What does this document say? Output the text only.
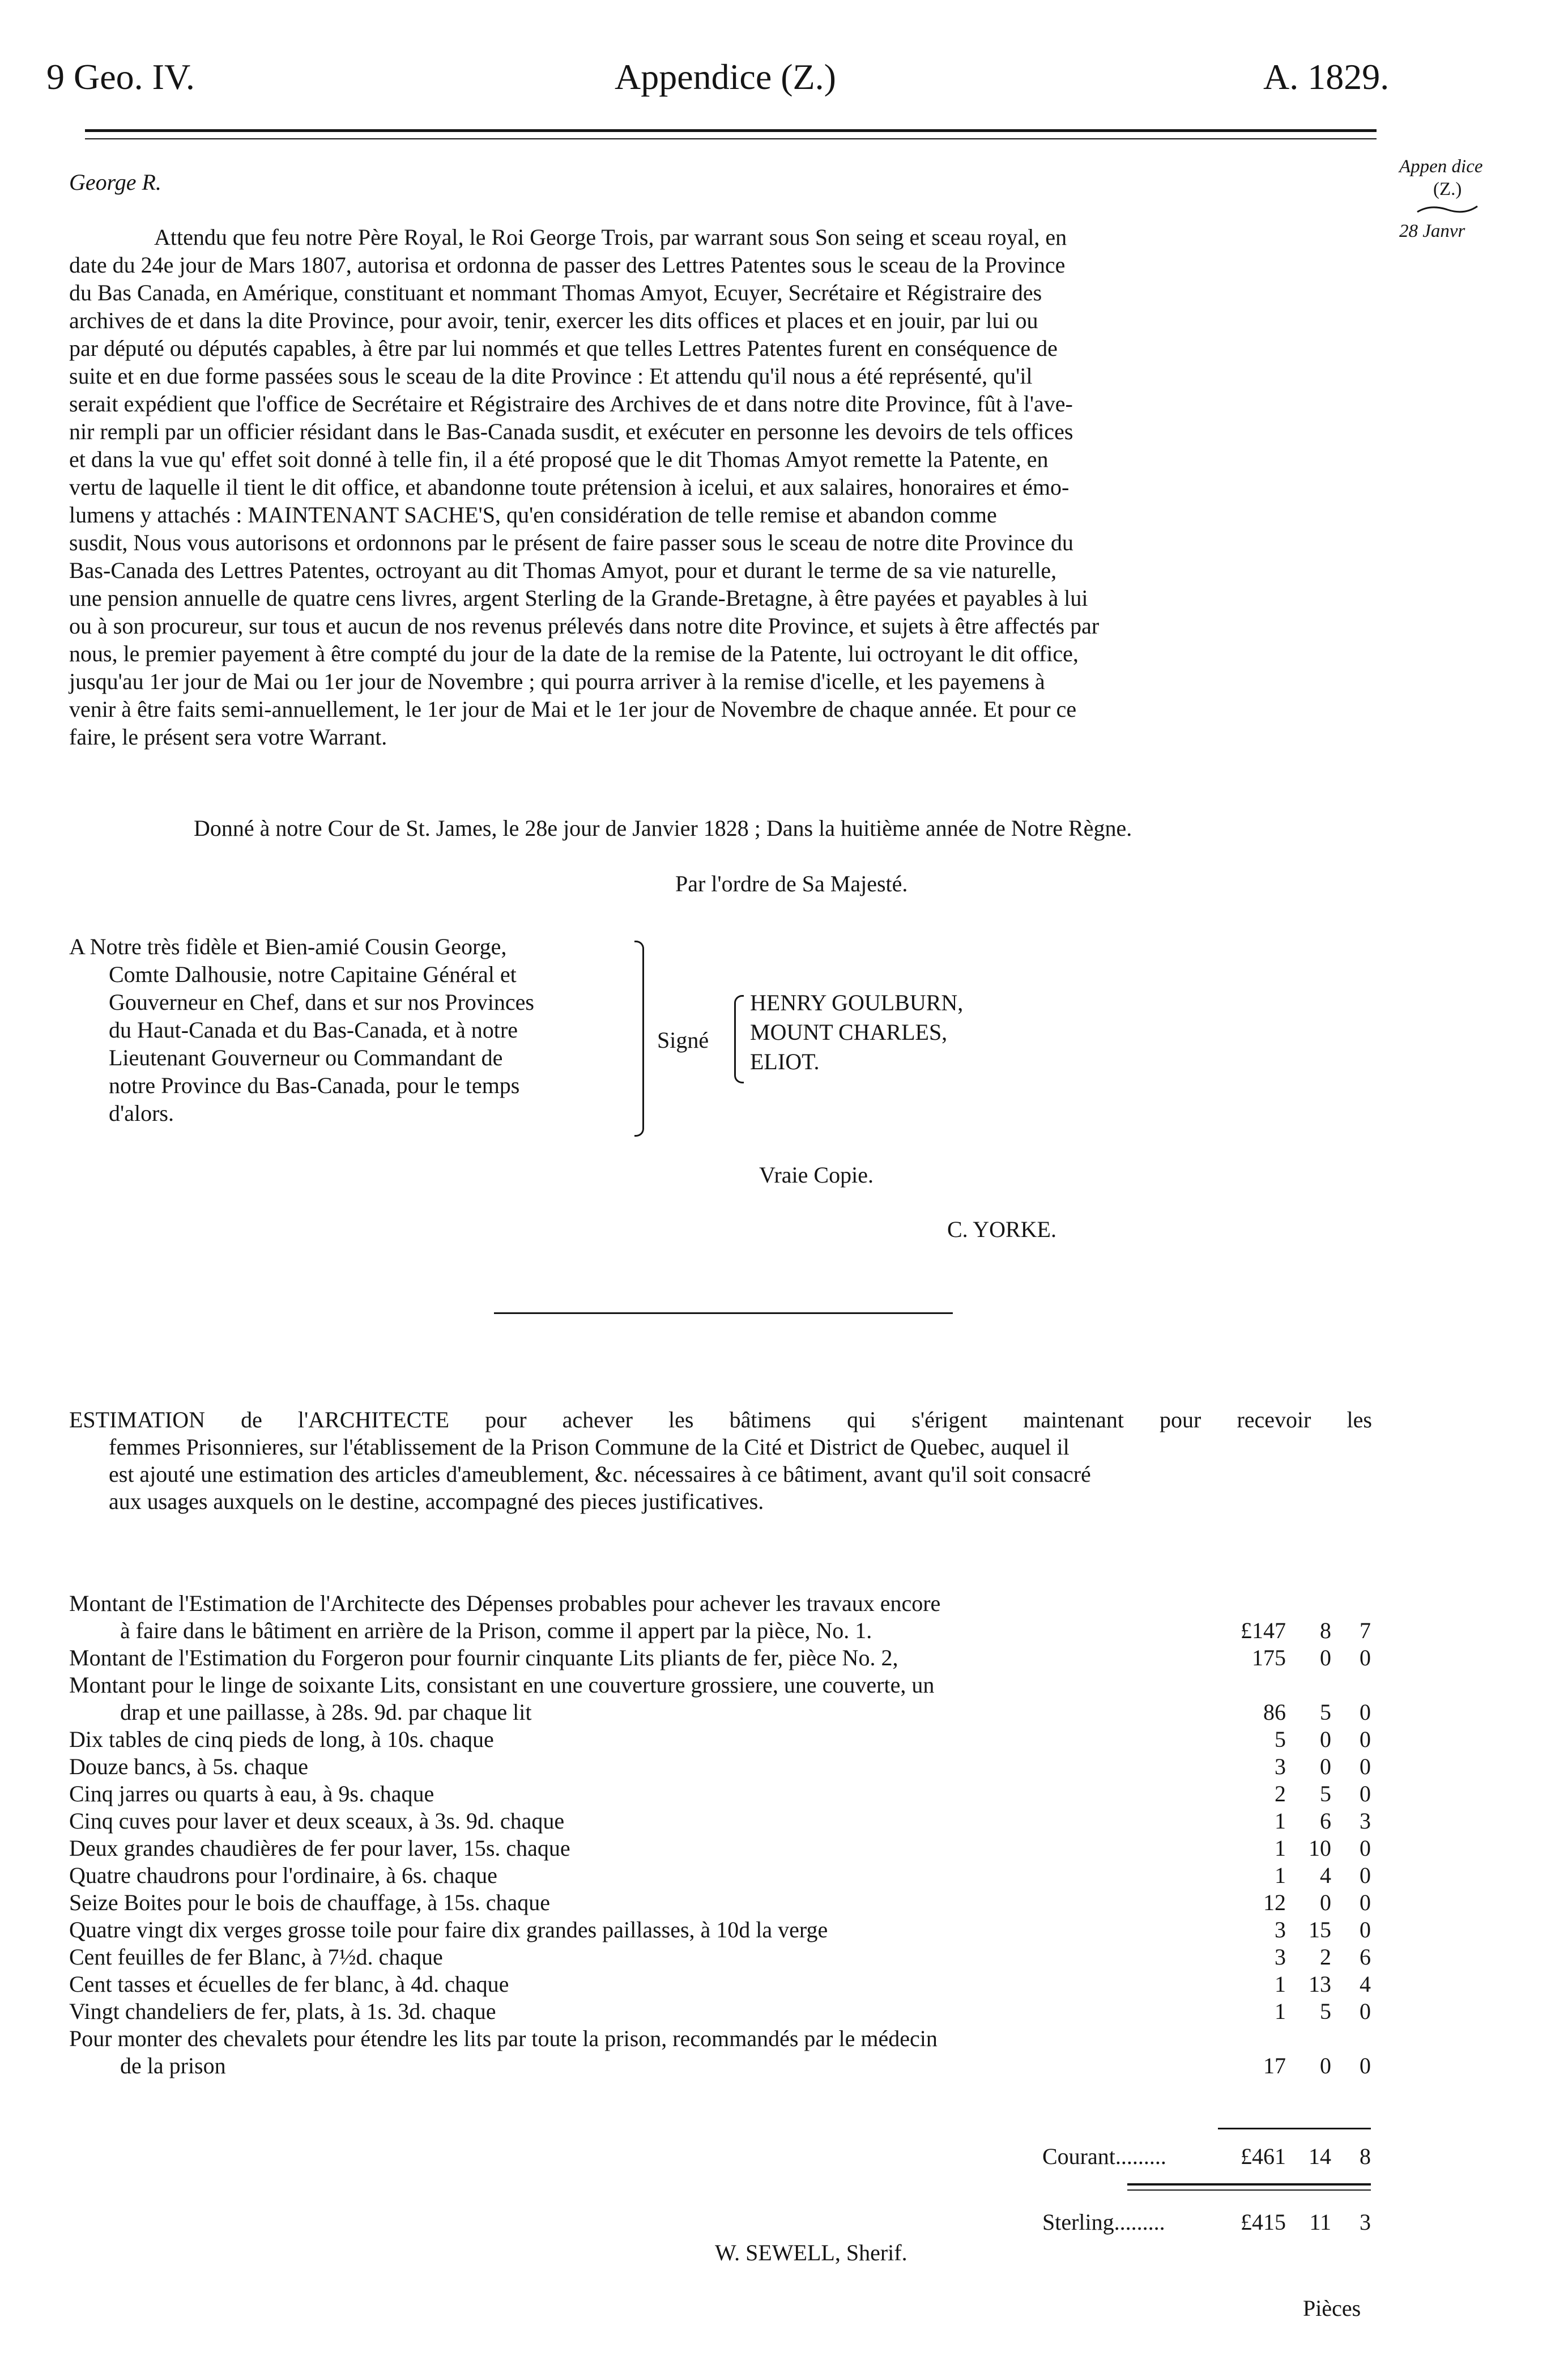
9 Geo. IV.	Appendice (Z.)	A. 1829.
Appen dice
(Z.)
28 Janvr
George R.
Attendu que feu notre Père Royal, le Roi George Trois, par warrant sous Son seing et sceau royal, en
date du 24e jour de Mars 1807, autorisa et ordonna de passer des Lettres Patentes sous le sceau de la Province
du Bas Canada, en Amérique, constituant et nommant Thomas Amyot, Ecuyer, Secrétaire et Régistraire des
archives de et dans la dite Province, pour avoir, tenir, exercer les dits offices et places et en jouir, par lui ou
par député ou députés capables, à être par lui nommés et que telles Lettres Patentes furent en conséquence de
suite et en due forme passées sous le sceau de la dite Province : Et attendu qu'il nous a été représenté, qu'il
serait expédient que l'office de Secrétaire et Régistraire des Archives de et dans notre dite Province, fût à l'ave-
nir rempli par un officier résidant dans le Bas-Canada susdit, et exécuter en personne les devoirs de tels offices
et dans la vue qu' effet soit donné à telle fin, il a été proposé que le dit Thomas Amyot remette la Patente, en
vertu de laquelle il tient le dit office, et abandonne toute prétension à icelui, et aux salaires, honoraires et émo-
lumens y attachés : MAINTENANT SACHE'S, qu'en considération de telle remise et abandon comme
susdit, Nous vous autorisons et ordonnons par le présent de faire passer sous le sceau de notre dite Province du
Bas-Canada des Lettres Patentes, octroyant au dit Thomas Amyot, pour et durant le terme de sa vie naturelle,
une pension annuelle de quatre cens livres, argent Sterling de la Grande-Bretagne, à être payées et payables à lui
ou à son procureur, sur tous et aucun de nos revenus prélevés dans notre dite Province, et sujets à être affectés par
nous, le premier payement à être compté du jour de la date de la remise de la Patente, lui octroyant le dit office,
jusqu'au 1er jour de Mai ou 1er jour de Novembre ; qui pourra arriver à la remise d'icelle, et les payemens à
venir à être faits semi-annuellement, le 1er jour de Mai et le 1er jour de Novembre de chaque année. Et pour ce
faire, le présent sera votre Warrant.
Donné à notre Cour de St. James, le 28e jour de Janvier 1828 ; Dans la huitième année de Notre Règne.
Par l'ordre de Sa Majesté.
A Notre très fidèle et Bien-amié Cousin George,
Comte Dalhousie, notre Capitaine Général et
Gouverneur en Chef, dans et sur nos Provinces
du Haut-Canada et du Bas-Canada, et à notre
Lieutenant Gouverneur ou Commandant de
notre Province du Bas-Canada, pour le temps
d'alors.
Signé
HENRY GOULBURN,
MOUNT CHARLES,
ELIOT.
Vraie Copie.
C. YORKE.
ESTIMATION de l'ARCHITECTE pour achever les bâtimens qui s'érigent maintenant pour recevoir les
femmes Prisonnieres, sur l'établissement de la Prison Commune de la Cité et District de Quebec, auquel il
est ajouté une estimation des articles d'ameublement, &c. nécessaires à ce bâtiment, avant qu'il soit consacré
aux usages auxquels on le destine, accompagné des pieces justificatives.
Montant de l'Estimation de l'Architecte des Dépenses probables pour achever les travaux encore
à faire dans le bâtiment en arrière de la Prison, comme il appert par la pièce, No. 1.	£147	8	7
Montant de l'Estimation du Forgeron pour fournir cinquante Lits pliants de fer, pièce No. 2,	175	0	0
Montant pour le linge de soixante Lits, consistant en une couverture grossiere, une couverte, un
drap et une paillasse, à 28s. 9d. par chaque lit	86	5	0
Dix tables de cinq pieds de long, à 10s. chaque	5	0	0
Douze bancs, à 5s. chaque	3	0	0
Cinq jarres ou quarts à eau, à 9s. chaque	2	5	0
Cinq cuves pour laver et deux sceaux, à 3s. 9d. chaque	1	6	3
Deux grandes chaudières de fer pour laver, 15s. chaque	1	10	0
Quatre chaudrons pour l'ordinaire, à 6s. chaque	1	4	0
Seize Boites pour le bois de chauffage, à 15s. chaque	12	0	0
Quatre vingt dix verges grosse toile pour faire dix grandes paillasses, à 10d la verge	3	15	0
Cent feuilles de fer Blanc, à 7½d. chaque	3	2	6
Cent tasses et écuelles de fer blanc, à 4d. chaque	1	13	4
Vingt chandeliers de fer, plats, à 1s. 3d. chaque	1	5	0
Pour monter des chevalets pour étendre les lits par toute la prison, recommandés par le médecin
de la prison	17	0	0
Courant.........	£461	14	8
Sterling.........	£415	11	3
W. SEWELL, Sherif.
Pièces
